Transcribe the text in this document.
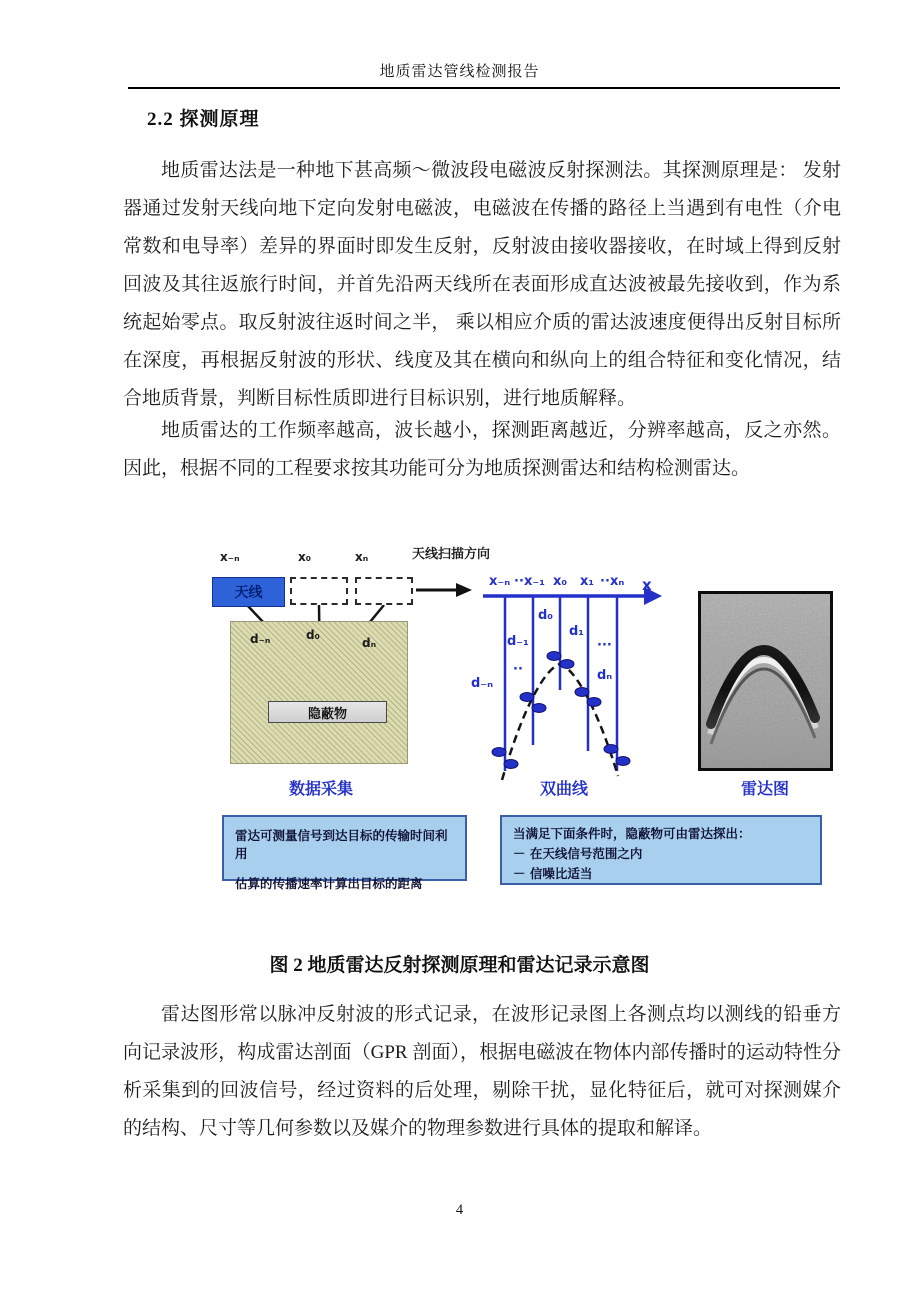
地质雷达管线检测报告
2.2 探测原理

地质雷达法是一种地下甚高频～微波段电磁波反射探测法。其探测原理是： 发射器通过发射天线向地下定向发射电磁波，电磁波在传播的路径上当遇到有电性（介电常数和电导率）差异的界面时即发生反射，反射波由接收器接收，在时域上得到反射回波及其往返旅行时间，并首先沿两天线所在表面形成直达波被最先接收到，作为系统起始零点。取反射波往返时间之半， 乘以相应介质的雷达波速度便得出反射目标所在深度，再根据反射波的形状、线度及其在横向和纵向上的组合特征和变化情况，结合地质背景，判断目标性质即进行目标识别，进行地质解释。

地质雷达的工作频率越高，波长越小，探测距离越近，分辨率越高，反之亦然。因此，根据不同的工程要求按其功能可分为地质探测雷达和结构检测雷达。

x₋ₙ	x₀	xₙ	天线扫描方向
天线
d₋ₙ	d₀
dₙ
隐蔽物
数据采集
x₋ₙ ·· x₋₁ x₀ x₁ ·· xₙ x
d₀
d₁
d₋₁	···
··
d₋ₙ
dₙ
双曲线	雷达图
雷达可测量信号到达目标的传输时间利用
估算的传播速率计算出目标的距离
当满足下面条件时，隐蔽物可由雷达探出：
－ 在天线信号范围之内
－ 信噪比适当
图 2 地质雷达反射探测原理和雷达记录示意图

雷达图形常以脉冲反射波的形式记录，在波形记录图上各测点均以测线的铅垂方向记录波形，构成雷达剖面（GPR 剖面），根据电磁波在物体内部传播时的运动特性分析采集到的回波信号，经过资料的后处理，剔除干扰，显化特征后，就可对探测媒介的结构、尺寸等几何参数以及媒介的物理参数进行具体的提取和解译。

4
